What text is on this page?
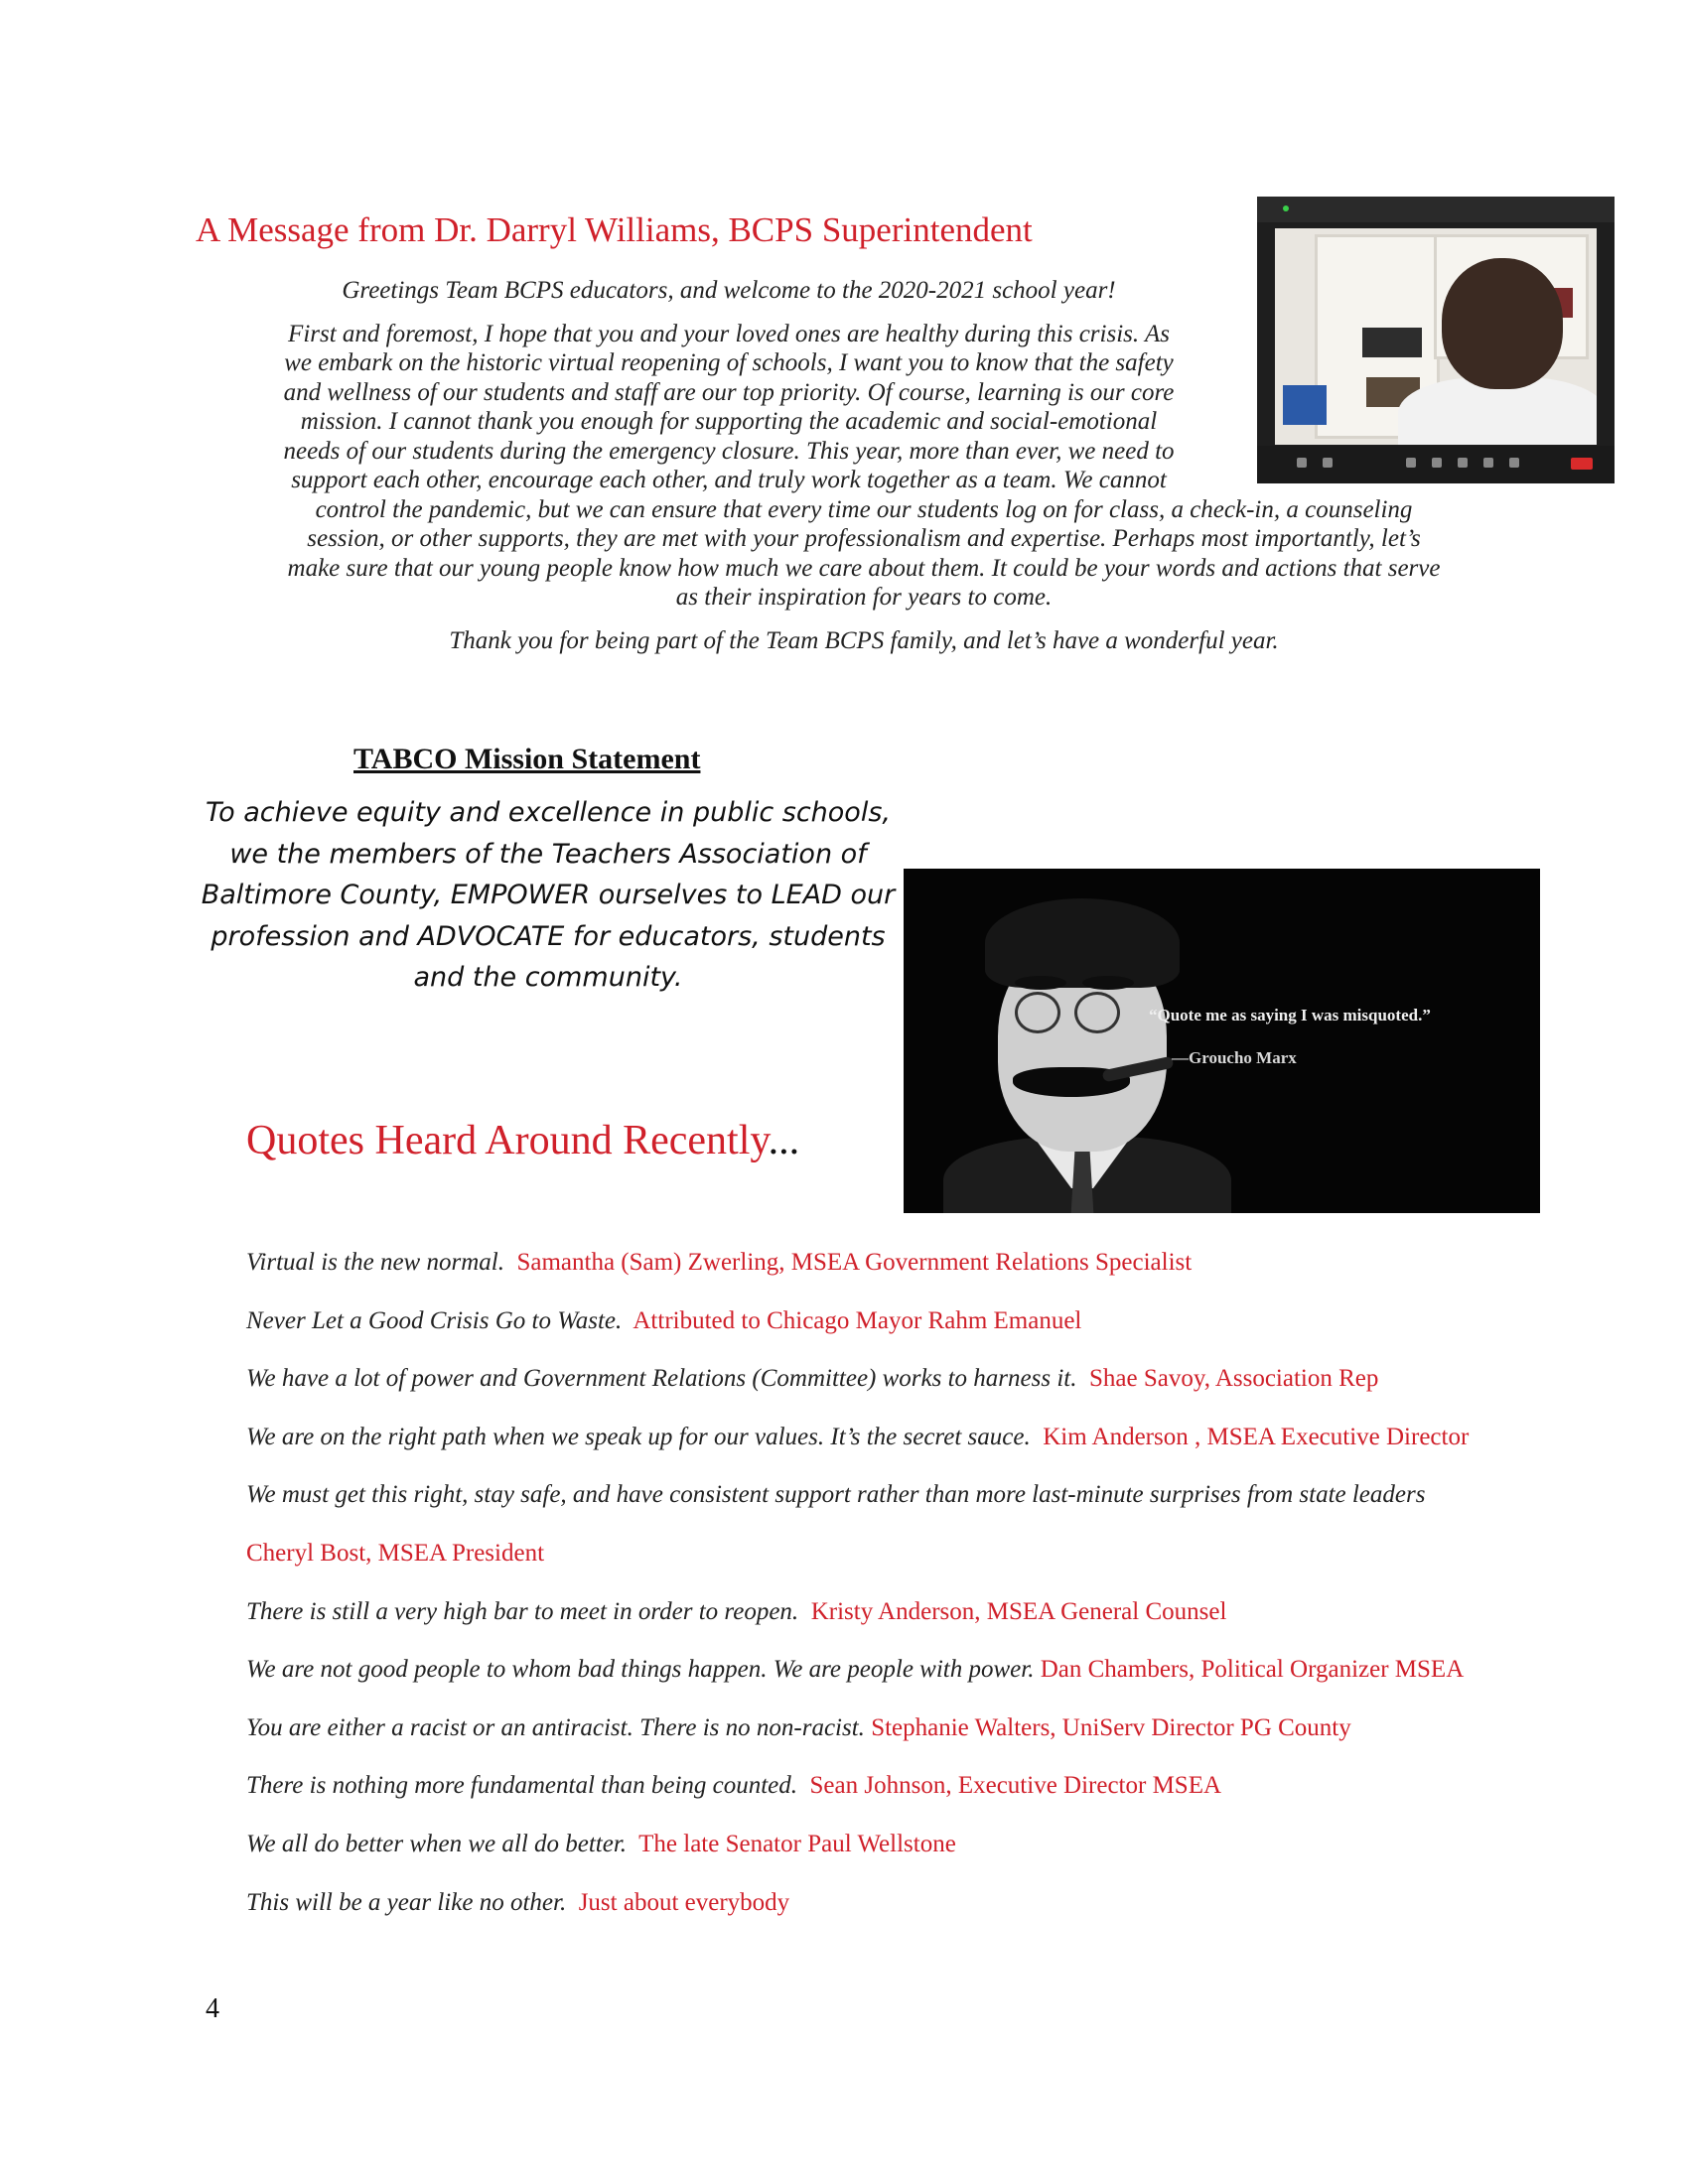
A Message from Dr. Darryl Williams, BCPS Superintendent

Greetings Team BCPS educators, and welcome to the 2020-2021 school year!

First and foremost, I hope that you and your loved ones are healthy during this crisis. As we embark on the historic virtual reopening of schools, I want you to know that the safety and wellness of our students and staff are our top priority. Of course, learning is our core mission. I cannot thank you enough for supporting the academic and social-emotional needs of our students during the emergency closure. This year, more than ever, we need to support each other, encourage each other, and truly work together as a team. We cannot control the pandemic, but we can ensure that every time our students log on for class, a check-in, a counseling session, or other supports, they are met with your professionalism and expertise. Perhaps most importantly, let’s make sure that our young people know how much we care about them. It could be your words and actions that serve as their inspiration for years to come.

Thank you for being part of the Team BCPS family, and let’s have a wonderful year.

TABCO Mission Statement
To achieve equity and excellence in public schools, we the members of the Teachers Association of Baltimore County, EMPOWER ourselves to LEAD our profession and ADVOCATE for educators, students and the community.
“Quote me as saying I was misquoted.”
—Groucho Marx
Quotes Heard Around Recently...
Virtual is the new normal. Samantha (Sam) Zwerling, MSEA Government Relations Specialist
Never Let a Good Crisis Go to Waste. Attributed to Chicago Mayor Rahm Emanuel
We have a lot of power and Government Relations (Committee) works to harness it. Shae Savoy, Association Rep
We are on the right path when we speak up for our values. It’s the secret sauce. Kim Anderson , MSEA Executive Director
We must get this right, stay safe, and have consistent support rather than more last-minute surprises from state leaders
Cheryl Bost, MSEA President
There is still a very high bar to meet in order to reopen. Kristy Anderson, MSEA General Counsel
We are not good people to whom bad things happen. We are people with power. Dan Chambers, Political Organizer MSEA
You are either a racist or an antiracist. There is no non-racist. Stephanie Walters, UniServ Director PG County
There is nothing more fundamental than being counted. Sean Johnson, Executive Director MSEA
We all do better when we all do better. The late Senator Paul Wellstone
This will be a year like no other. Just about everybody
4
